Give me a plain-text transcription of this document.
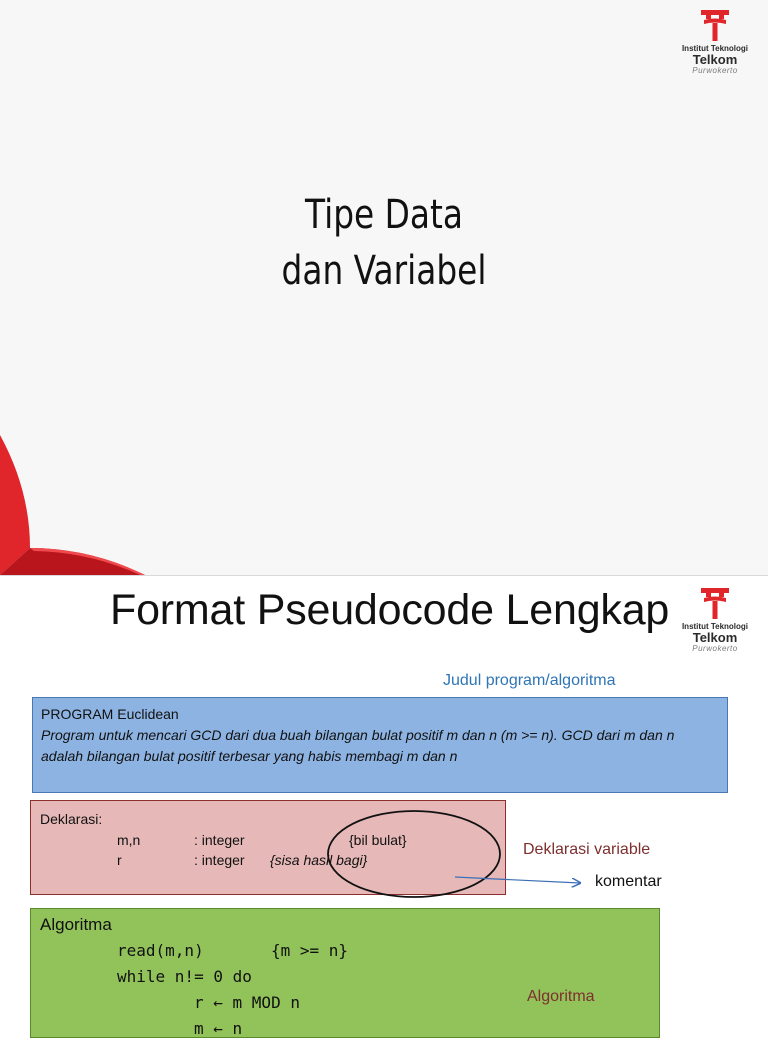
Institut Teknologi
Telkom
Purwokerto
Tipe Data
dan Variabel
Institut Teknologi
Telkom
Purwokerto
Format Pseudocode Lengkap
Judul program/algoritma
PROGRAM Euclidean
Program untuk mencari GCD dari dua buah bilangan bulat positif m dan n (m >= n). GCD dari m dan n adalah bilangan bulat positif terbesar yang habis membagi m dan n
Deklarasi:
m,n	: integer	{bil bulat}
r	: integer {sisa hasil bagi}
Deklarasi variable
komentar
Algoritma
read(m,n)	{m >= n}
while n!= 0 do
r ← m MOD n
m ← n
Algoritma
